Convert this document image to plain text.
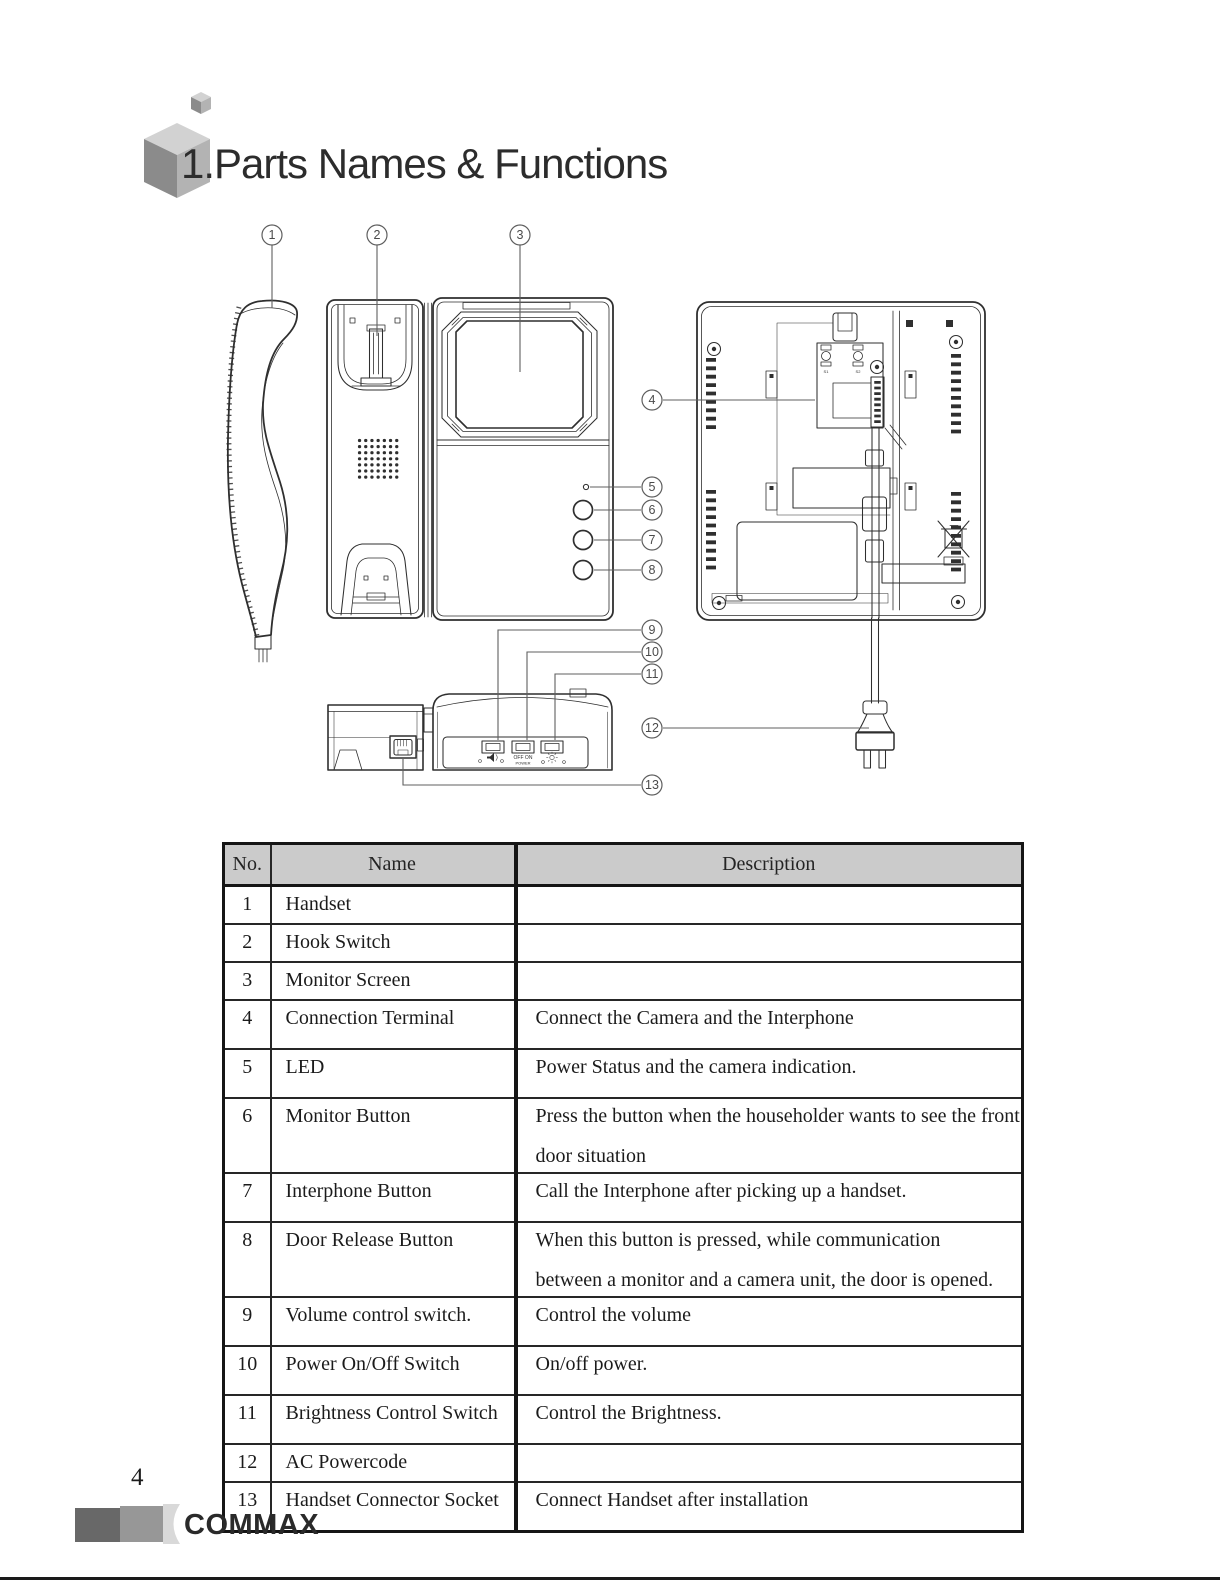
S1	S2
OFF ON
POWER
1	2	3
4
5
6
7
8
9
10
11
12
13
1.Parts Names & Functions
No.	Name	Description
1	Handset	

2	Hook Switch	

3	Monitor Screen	

4	Connection Terminal	Connect the Camera and the Interphone

5	LED	Power Status and the camera indication.

6	Monitor Button	Press the button when the householder wants to see the front
door situation

7	Interphone Button	Call the Interphone after picking up a handset.

8	Door Release Button	When this button is pressed, while communication
between a monitor and a camera unit, the door is opened.

9	Volume control switch.	Control the volume

10	Power On/Off Switch	On/off power.

11	Brightness Control Switch	Control the Brightness.

12	AC Powercode	

13	Handset Connector Socket	Connect Handset after installation
4
COMMAX
